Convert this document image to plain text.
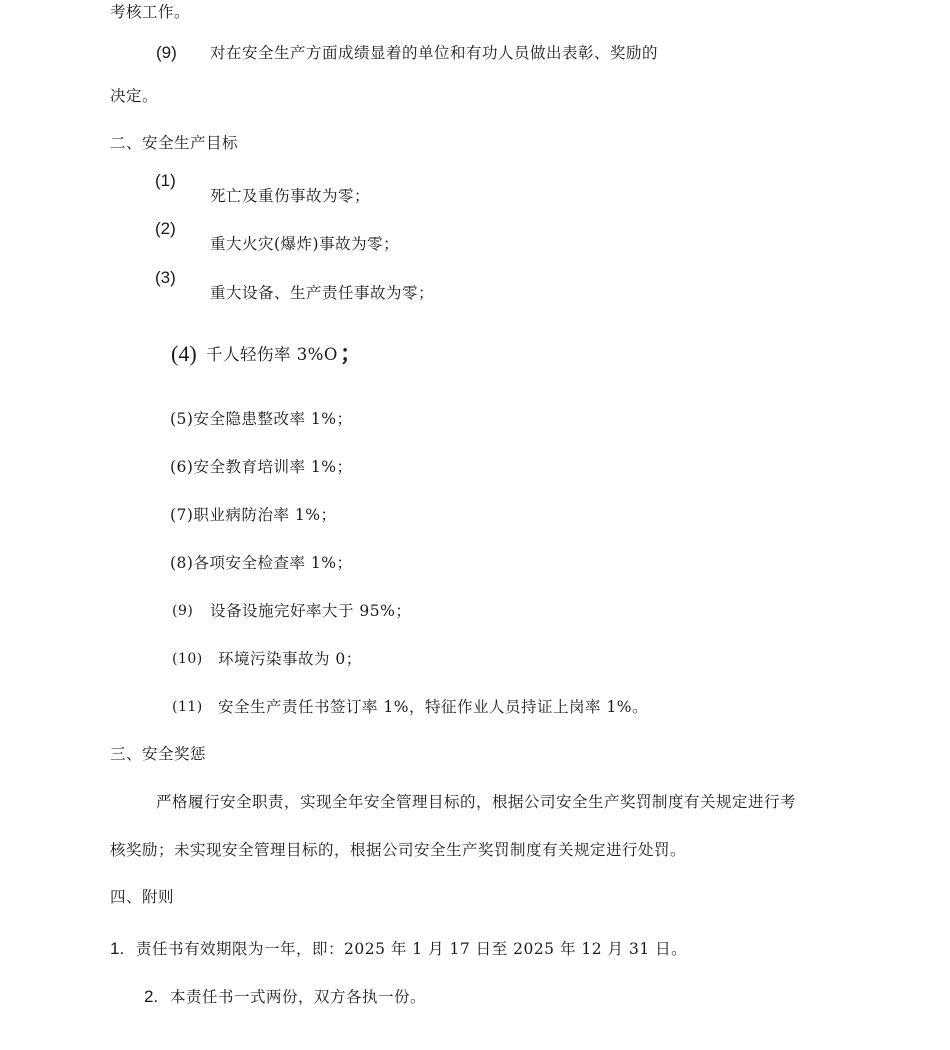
考核工作。
(9) 对在安全生产方面成绩显着的单位和有功人员做出表彰、奖励的
决定。
二、安全生产目标
(1)
死亡及重伤事故为零；
(2)
重大火灾(爆炸)事故为零；
(3)
重大设备、生产责任事故为零；
(4) 千人轻伤率 3%O ；
(5)安全隐患整改率 1%；
(6)安全教育培训率 1%；
(7)职业病防治率 1%；
(8)各项安全检查率 1%；
(9) 设备设施完好率大于 95%；
(10) 环境污染事故为 0；
(11) 安全生产责任书签订率 1%，特征作业人员持证上岗率 1%。
三、安全奖惩
严格履行安全职责，实现全年安全管理目标的，根据公司安全生产奖罚制度有关规定进行考
核奖励；未实现安全管理目标的，根据公司安全生产奖罚制度有关规定进行处罚。
四、附则
1. 责任书有效期限为一年，即：2025 年 1 月 17 日至 2025 年 12 月 31 日。
2. 本责任书一式两份，双方各执一份。
